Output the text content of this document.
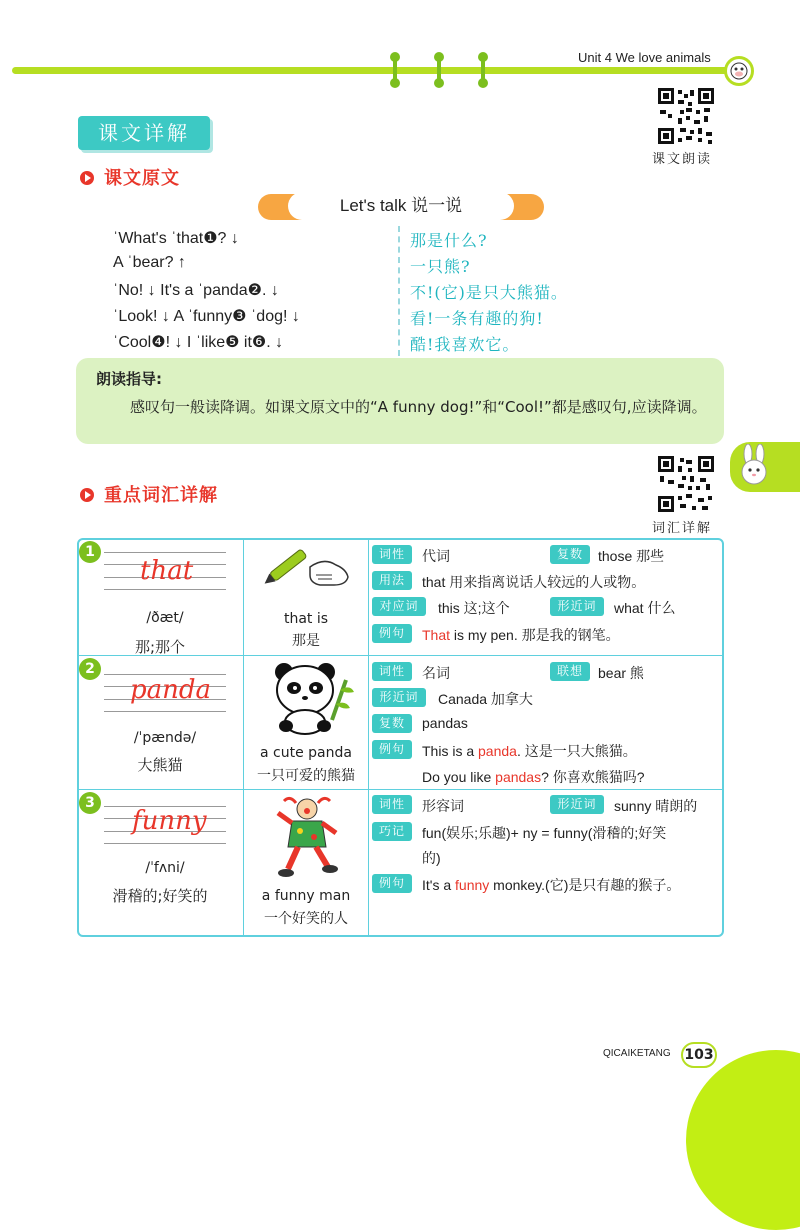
Unit 4 We love animals
课文朗读
课文详解
课文原文
Let's talk 说一说
ˈWhat's ˈthat❶? ↓
A ˈbear? ↑
ˈNo! ↓ It's a ˈpanda❷. ↓
ˈLook! ↓ A ˈfunny❸ ˈdog! ↓
ˈCool❹! ↓ I ˈlike❺ it❻. ↓
那是什么?
一只熊?
不!(它)是只大熊猫。
看!一条有趣的狗!
酷!我喜欢它。
朗读指导:
感叹句一般读降调。如课文原文中的“A funny dog!”和“Cool!”都是感叹句,应读降调。
词汇详解
重点词汇详解
1
that
/ðæt/
那;那个
that is
那是
词性	代词	复数	those 那些
用法	that 用来指离说话人较远的人或物。
对应词	this 这;这个	形近词	what 什么
例句	That is my pen. 那是我的钢笔。
2
panda
/ˈpændə/
大熊猫
a cute panda
一只可爱的熊猫
词性	名词	联想	bear 熊
形近词	Canada 加拿大
复数	pandas
例句	This is a panda. 这是一只大熊猫。
Do you like pandas? 你喜欢熊猫吗?
3
funny
/ˈfʌni/
滑稽的;好笑的	a funny man
一个好笑的人
词性	形容词	形近词	sunny 晴朗的
巧记	fun(娱乐;乐趣)+ ny = funny(滑稽的;好笑
的)
例句	It's a funny monkey.(它)是只有趣的猴子。
QICAIKETANG 103
